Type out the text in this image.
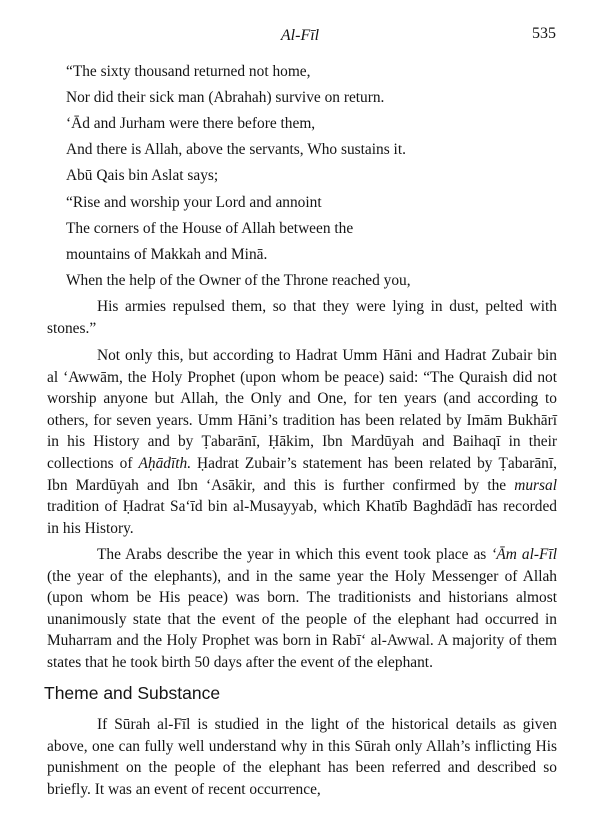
Al-Fīl	535
“The sixty thousand returned not home,
Nor did their sick man (Abrahah) survive on return.
‘Ād and Jurham were there before them,
And there is Allah, above the servants, Who sustains it.
Abū Qais bin Aslat says;
“Rise and worship your Lord and annoint
The corners of the House of Allah between the
mountains of Makkah and Minā.
When the help of the Owner of the Throne reached you,

His armies repulsed them, so that they were lying in dust, pelted with stones.”

Not only this, but according to Hadrat Umm Hāni and Hadrat Zubair bin al ‘Awwām, the Holy Prophet (upon whom be peace) said: “The Quraish did not worship anyone but Allah, the Only and One, for ten years (and according to others, for seven years. Umm Hāni’s tradition has been related by Imām Bukhārī in his History and by Ṭabarānī, Ḥākim, Ibn Mardūyah and Baihaqī in their collections of Aḥādīth. Ḥadrat Zubair’s statement has been related by Ṭabarānī, Ibn Mardūyah and Ibn ‘Asākir, and this is further confirmed by the mursal tradition of Ḥadrat Sa‘īd bin al-Musayyab, which Khatīb Baghdādī has recorded in his History.

The Arabs describe the year in which this event took place as ‘Ām al-Fīl (the year of the elephants), and in the same year the Holy Messenger of Allah (upon whom be His peace) was born. The traditionists and historians almost unanimously state that the event of the people of the elephant had occurred in Muharram and the Holy Prophet was born in Rabī‘ al-Awwal. A majority of them states that he took birth 50 days after the event of the elephant.

Theme and Substance

If Sūrah al-Fīl is studied in the light of the historical details as given above, one can fully well understand why in this Sūrah only Allah’s inflicting His punishment on the people of the elephant has been referred and described so briefly. It was an event of recent occurrence,
